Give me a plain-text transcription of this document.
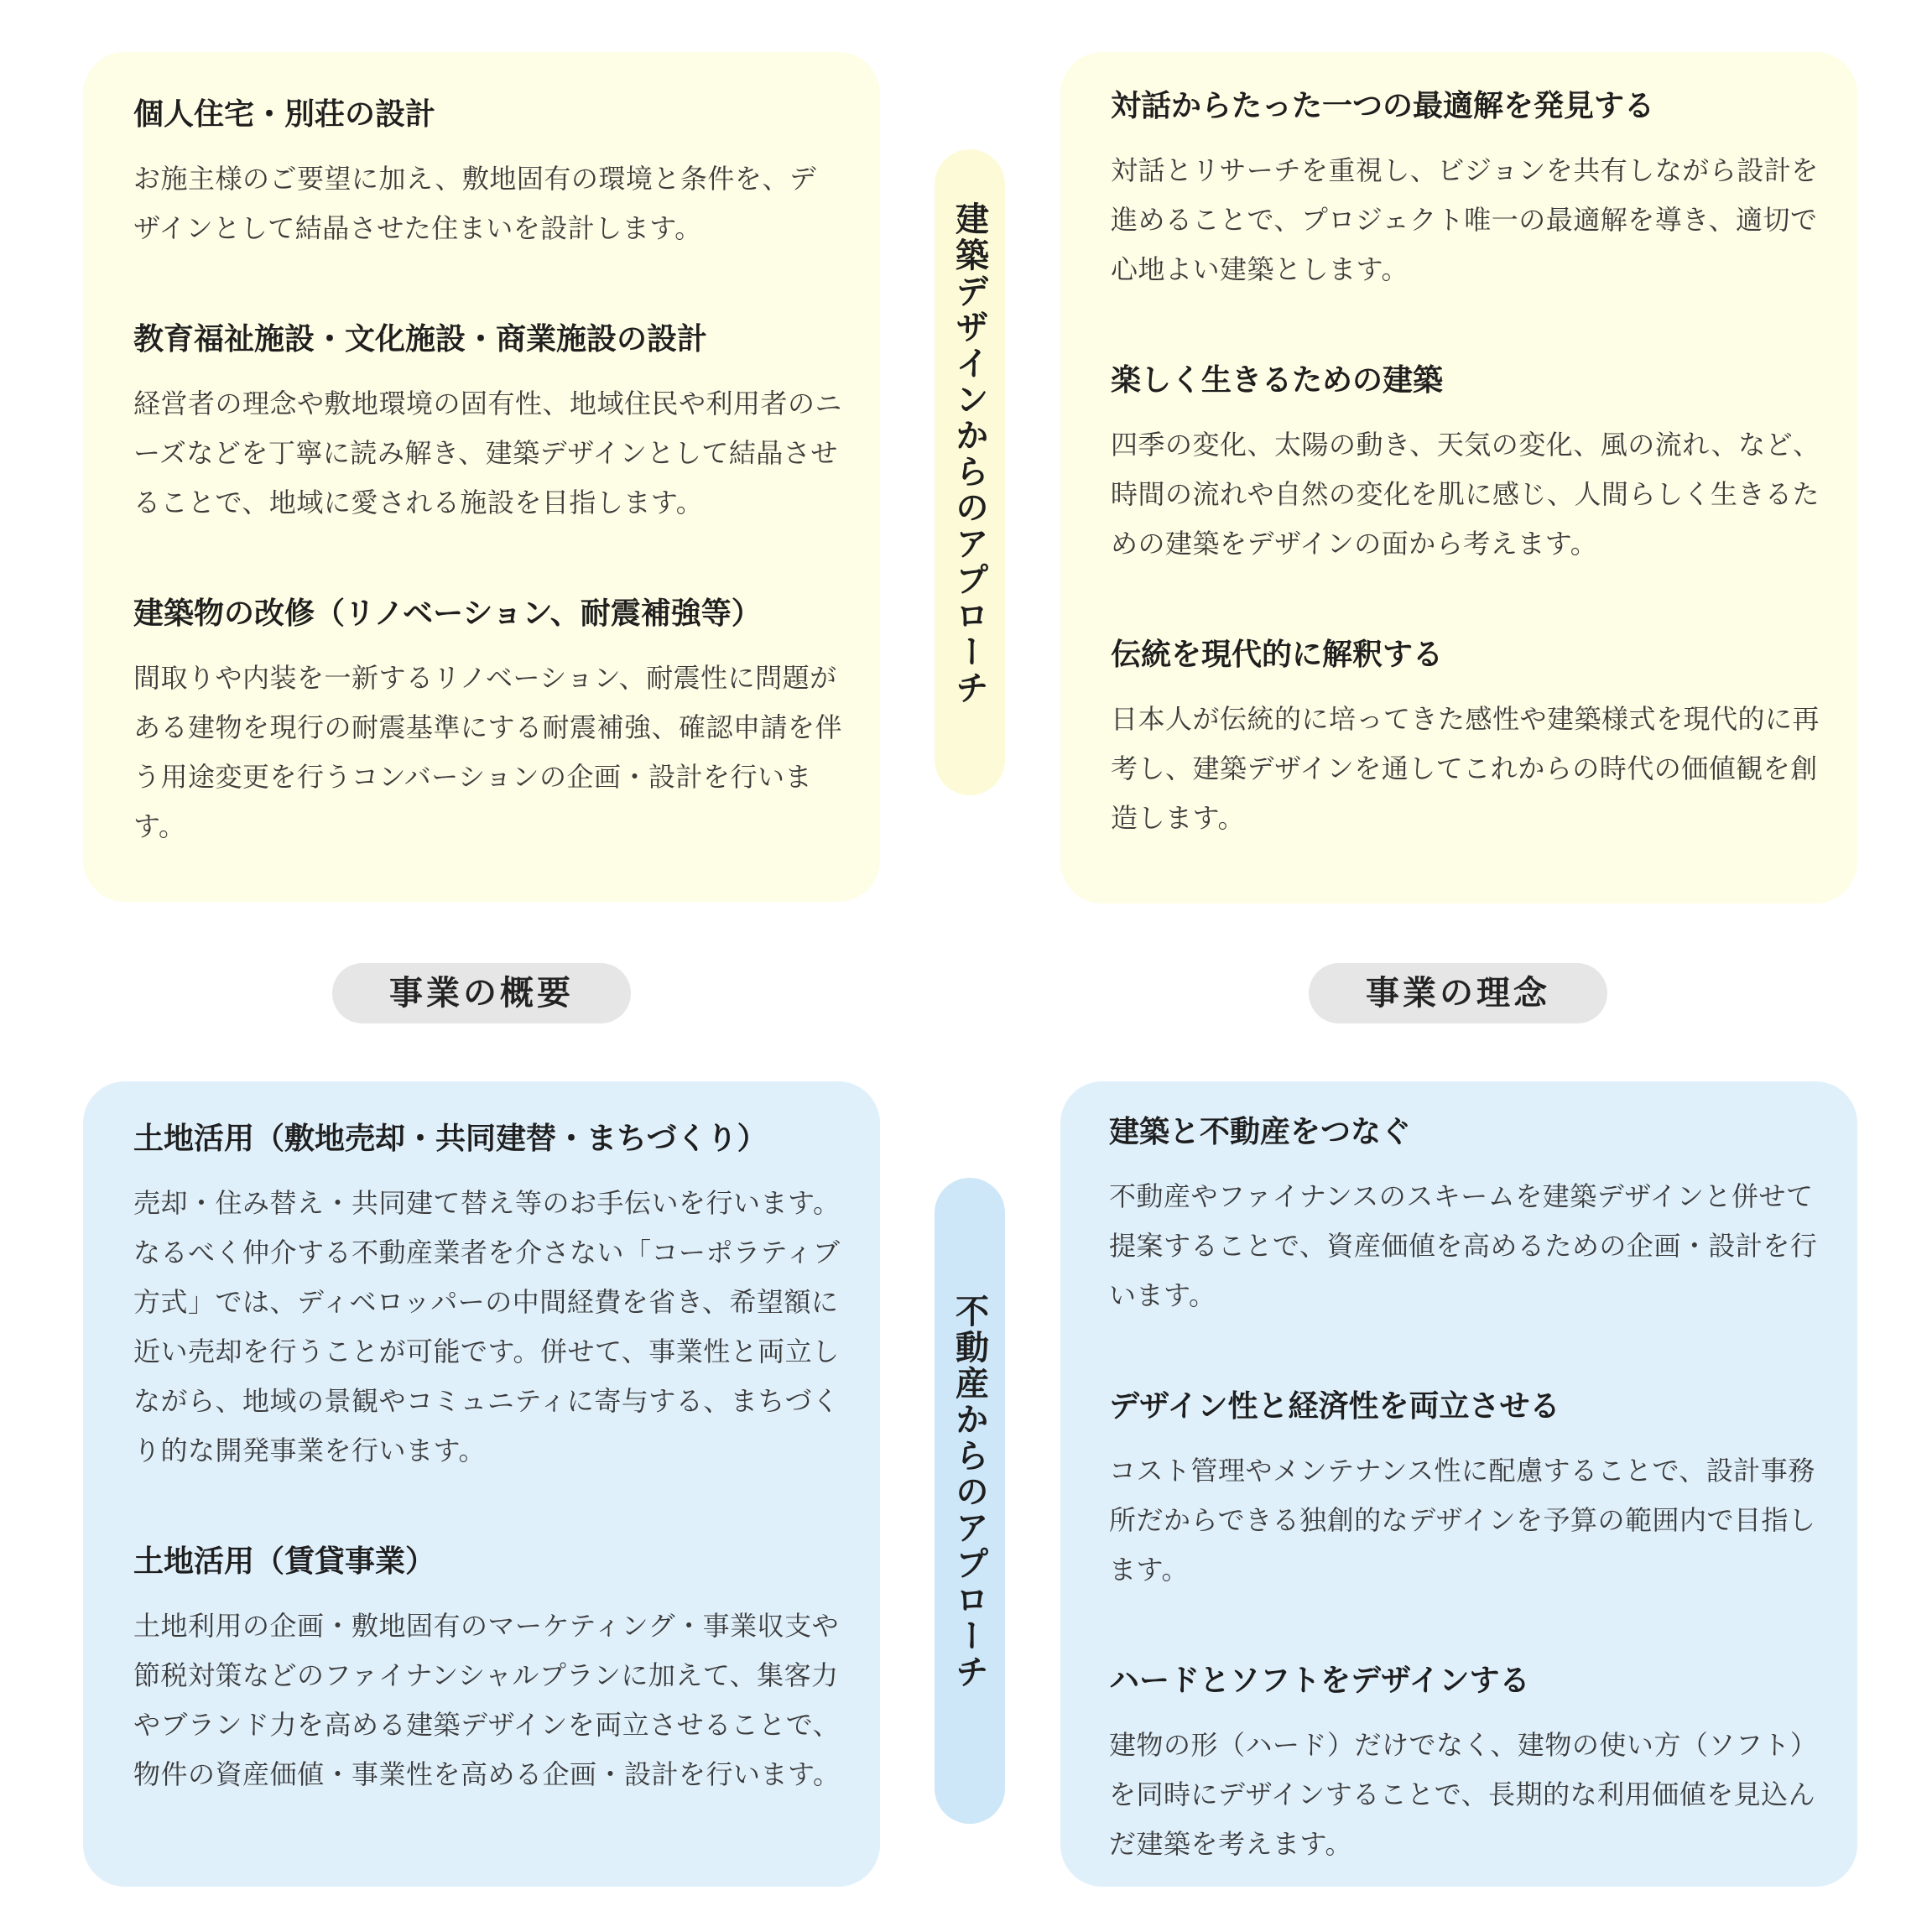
個人住宅・別荘の設計

お施主様のご要望に加え、敷地固有の環境と条件を、デザインとして結晶させた住まいを設計します。

教育福祉施設・文化施設・商業施設の設計

経営者の理念や敷地環境の固有性、地域住民や利用者のニーズなどを丁寧に読み解き、建築デザインとして結晶させることで、地域に愛される施設を目指します。

建築物の改修（リノベーション、耐震補強等）

間取りや内装を一新するリノベーション、耐震性に問題がある建物を現行の耐震基準にする耐震補強、確認申請を伴う用途変更を行うコンバーションの企画・設計を行います。

対話からたった一つの最適解を発見する

対話とリサーチを重視し、ビジョンを共有しながら設計を進めることで、プロジェクト唯一の最適解を導き、適切で心地よい建築とします。

楽しく生きるための建築

四季の変化、太陽の動き、天気の変化、風の流れ、など、時間の流れや自然の変化を肌に感じ、人間らしく生きるための建築をデザインの面から考えます。

伝統を現代的に解釈する

日本人が伝統的に培ってきた感性や建築様式を現代的に再考し、建築デザインを通してこれからの時代の価値観を創造します。

建築デザインからのアプローチ
事業の概要	事業の理念
土地活用（敷地売却・共同建替・まちづくり）

売却・住み替え・共同建て替え等のお手伝いを行います。なるべく仲介する不動産業者を介さない「コーポラティブ方式」では、ディベロッパーの中間経費を省き、希望額に近い売却を行うことが可能です。併せて、事業性と両立しながら、地域の景観やコミュニティに寄与する、まちづくり的な開発事業を行います。

土地活用（賃貸事業）

土地利用の企画・敷地固有のマーケティング・事業収支や節税対策などのファイナンシャルプランに加えて、集客力やブランド力を高める建築デザインを両立させることで、物件の資産価値・事業性を高める企画・設計を行います。

建築と不動産をつなぐ

不動産やファイナンスのスキームを建築デザインと併せて提案することで、資産価値を高めるための企画・設計を行います。

デザイン性と経済性を両立させる

コスト管理やメンテナンス性に配慮することで、設計事務所だからできる独創的なデザインを予算の範囲内で目指します。

ハードとソフトをデザインする

建物の形（ハード）だけでなく、建物の使い方（ソフト）を同時にデザインすることで、長期的な利用価値を見込んだ建築を考えます。

不動産からのアプローチ
